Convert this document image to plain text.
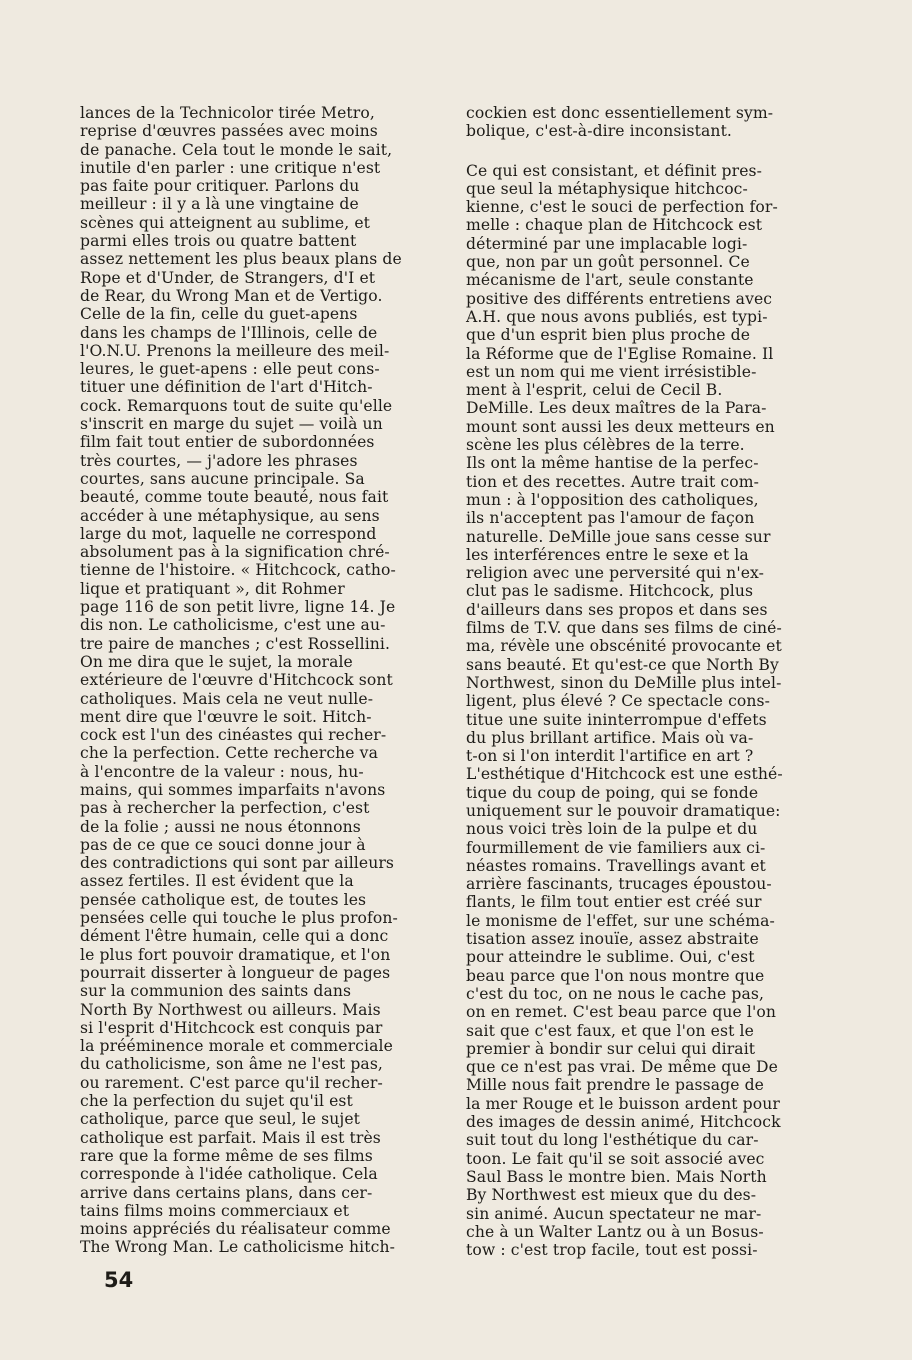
lances de la Technicolor tirée Metro,
reprise d'œuvres passées avec moins
de panache. Cela tout le monde le sait,
inutile d'en parler : une critique n'est
pas faite pour critiquer. Parlons du
meilleur : il y a là une vingtaine de
scènes qui atteignent au sublime, et
parmi elles trois ou quatre battent
assez nettement les plus beaux plans de
Rope et d'Under, de Strangers, d'I et
de Rear, du Wrong Man et de Vertigo.
Celle de la fin, celle du guet-apens
dans les champs de l'Illinois, celle de
l'O.N.U. Prenons la meilleure des meil-
leures, le guet-apens : elle peut cons-
tituer une définition de l'art d'Hitch-
cock. Remarquons tout de suite qu'elle
s'inscrit en marge du sujet — voilà un
film fait tout entier de subordonnées
très courtes, — j'adore les phrases
courtes, sans aucune principale. Sa
beauté, comme toute beauté, nous fait
accéder à une métaphysique, au sens
large du mot, laquelle ne correspond
absolument pas à la signification chré-
tienne de l'histoire. « Hitchcock, catho-
lique et pratiquant », dit Rohmer
page 116 de son petit livre, ligne 14. Je
dis non. Le catholicisme, c'est une au-
tre paire de manches ; c'est Rossellini.
On me dira que le sujet, la morale
extérieure de l'œuvre d'Hitchcock sont
catholiques. Mais cela ne veut nulle-
ment dire que l'œuvre le soit. Hitch-
cock est l'un des cinéastes qui recher-
che la perfection. Cette recherche va
à l'encontre de la valeur : nous, hu-
mains, qui sommes imparfaits n'avons
pas à rechercher la perfection, c'est
de la folie ; aussi ne nous étonnons
pas de ce que ce souci donne jour à
des contradictions qui sont par ailleurs
assez fertiles. Il est évident que la
pensée catholique est, de toutes les
pensées celle qui touche le plus profon-
dément l'être humain, celle qui a donc
le plus fort pouvoir dramatique, et l'on
pourrait disserter à longueur de pages
sur la communion des saints dans
North By Northwest ou ailleurs. Mais
si l'esprit d'Hitchcock est conquis par
la prééminence morale et commerciale
du catholicisme, son âme ne l'est pas,
ou rarement. C'est parce qu'il recher-
che la perfection du sujet qu'il est
catholique, parce que seul, le sujet
catholique est parfait. Mais il est très
rare que la forme même de ses films
corresponde à l'idée catholique. Cela
arrive dans certains plans, dans cer-
tains films moins commerciaux et
moins appréciés du réalisateur comme
The Wrong Man. Le catholicisme hitch-
cockien est donc essentiellement sym-
bolique, c'est-à-dire inconsistant.
Ce qui est consistant, et définit pres-
que seul la métaphysique hitchcoc-
kienne, c'est le souci de perfection for-
melle : chaque plan de Hitchcock est
déterminé par une implacable logi-
que, non par un goût personnel. Ce
mécanisme de l'art, seule constante
positive des différents entretiens avec
A.H. que nous avons publiés, est typi-
que d'un esprit bien plus proche de
la Réforme que de l'Eglise Romaine. Il
est un nom qui me vient irrésistible-
ment à l'esprit, celui de Cecil B.
DeMille. Les deux maîtres de la Para-
mount sont aussi les deux metteurs en
scène les plus célèbres de la terre.
Ils ont la même hantise de la perfec-
tion et des recettes. Autre trait com-
mun : à l'opposition des catholiques,
ils n'acceptent pas l'amour de façon
naturelle. DeMille joue sans cesse sur
les interférences entre le sexe et la
religion avec une perversité qui n'ex-
clut pas le sadisme. Hitchcock, plus
d'ailleurs dans ses propos et dans ses
films de T.V. que dans ses films de ciné-
ma, révèle une obscénité provocante et
sans beauté. Et qu'est-ce que North By
Northwest, sinon du DeMille plus intel-
ligent, plus élevé ? Ce spectacle cons-
titue une suite ininterrompue d'effets
du plus brillant artifice. Mais où va-
t-on si l'on interdit l'artifice en art ?
L'esthétique d'Hitchcock est une esthé-
tique du coup de poing, qui se fonde
uniquement sur le pouvoir dramatique:
nous voici très loin de la pulpe et du
fourmillement de vie familiers aux ci-
néastes romains. Travellings avant et
arrière fascinants, trucages époustou-
flants, le film tout entier est créé sur
le monisme de l'effet, sur une schéma-
tisation assez inouïe, assez abstraite
pour atteindre le sublime. Oui, c'est
beau parce que l'on nous montre que
c'est du toc, on ne nous le cache pas,
on en remet. C'est beau parce que l'on
sait que c'est faux, et que l'on est le
premier à bondir sur celui qui dirait
que ce n'est pas vrai. De même que De
Mille nous fait prendre le passage de
la mer Rouge et le buisson ardent pour
des images de dessin animé, Hitchcock
suit tout du long l'esthétique du car-
toon. Le fait qu'il se soit associé avec
Saul Bass le montre bien. Mais North
By Northwest est mieux que du des-
sin animé. Aucun spectateur ne mar-
che à un Walter Lantz ou à un Bosus-
tow : c'est trop facile, tout est possi-
54
